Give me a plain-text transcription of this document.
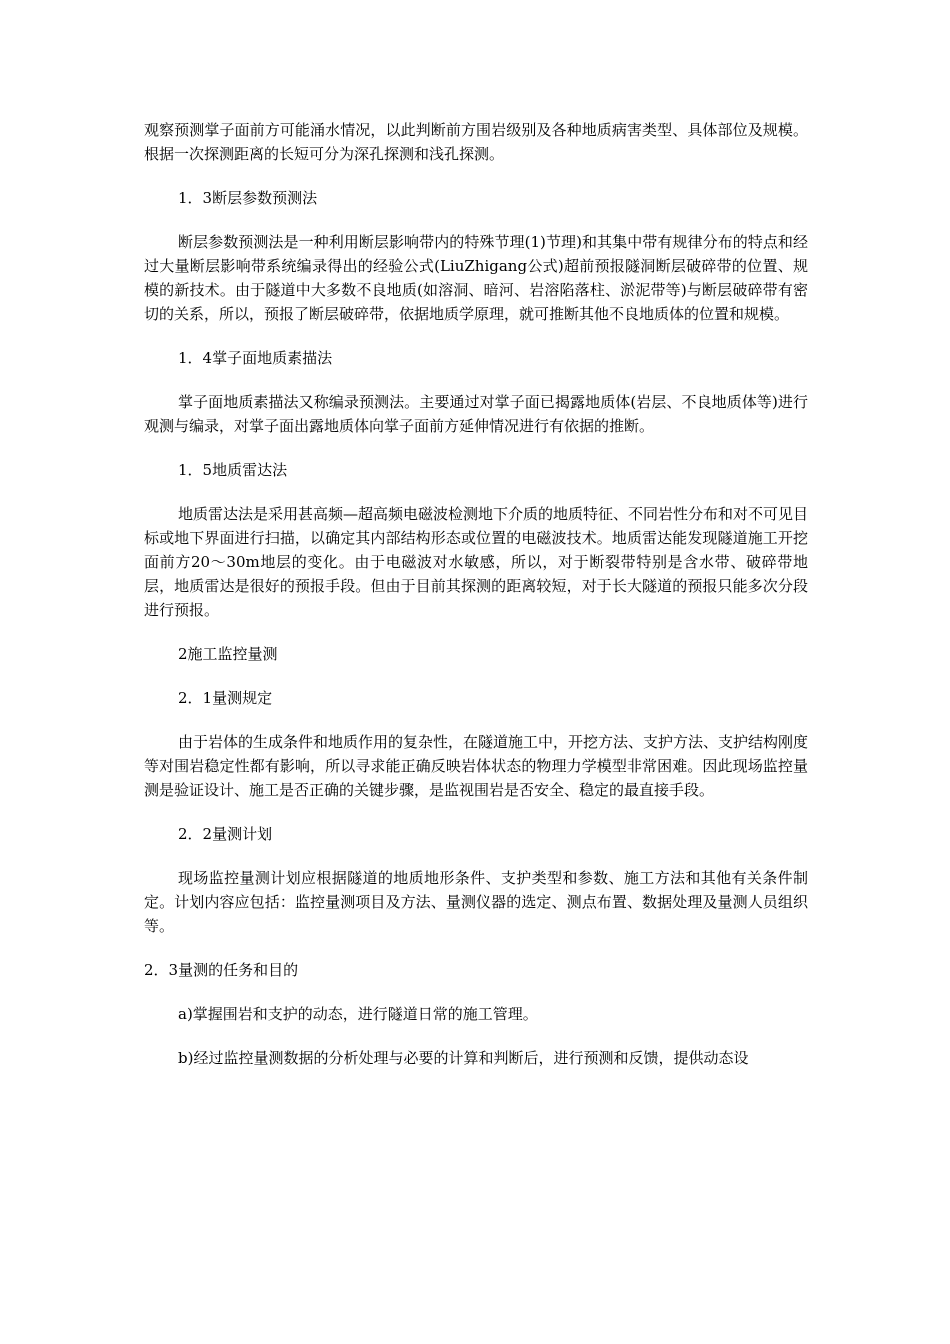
观察预测掌子面前方可能涌水情况，以此判断前方围岩级别及各种地质病害类型、具体部位及规模。根据一次探测距离的长短可分为深孔探测和浅孔探测。

1．3断层参数预测法

断层参数预测法是一种利用断层影响带内的特殊节理(1)节理)和其集中带有规律分布的特点和经过大量断层影响带系统编录得出的经验公式(LiuZhigang公式)超前预报隧洞断层破碎带的位置、规模的新技术。由于隧道中大多数不良地质(如溶洞、暗河、岩溶陷落柱、淤泥带等)与断层破碎带有密切的关系，所以，预报了断层破碎带，依据地质学原理，就可推断其他不良地质体的位置和规模。

1．4掌子面地质素描法

掌子面地质素描法又称编录预测法。主要通过对掌子面已揭露地质体(岩层、不良地质体等)进行观测与编录，对掌子面出露地质体向掌子面前方延伸情况进行有依据的推断。

1．5地质雷达法

地质雷达法是采用甚高频—超高频电磁波检测地下介质的地质特征、不同岩性分布和对不可见目标或地下界面进行扫描，以确定其内部结构形态或位置的电磁波技术。地质雷达能发现隧道施工开挖面前方20～30m地层的变化。由于电磁波对水敏感，所以，对于断裂带特别是含水带、破碎带地层，地质雷达是很好的预报手段。但由于目前其探测的距离较短，对于长大隧道的预报只能多次分段进行预报。

2施工监控量测

2．1量测规定

由于岩体的生成条件和地质作用的复杂性，在隧道施工中，开挖方法、支护方法、支护结构刚度等对围岩稳定性都有影响，所以寻求能正确反映岩体状态的物理力学模型非常困难。因此现场监控量测是验证设计、施工是否正确的关键步骤，是监视围岩是否安全、稳定的最直接手段。

2．2量测计划

现场监控量测计划应根据隧道的地质地形条件、支护类型和参数、施工方法和其他有关条件制定。计划内容应包括：监控量测项目及方法、量测仪器的选定、测点布置、数据处理及量测人员组织等。

2．3量测的任务和目的

a)掌握围岩和支护的动态，进行隧道日常的施工管理。

b)经过监控量测数据的分析处理与必要的计算和判断后，进行预测和反馈，提供动态设
